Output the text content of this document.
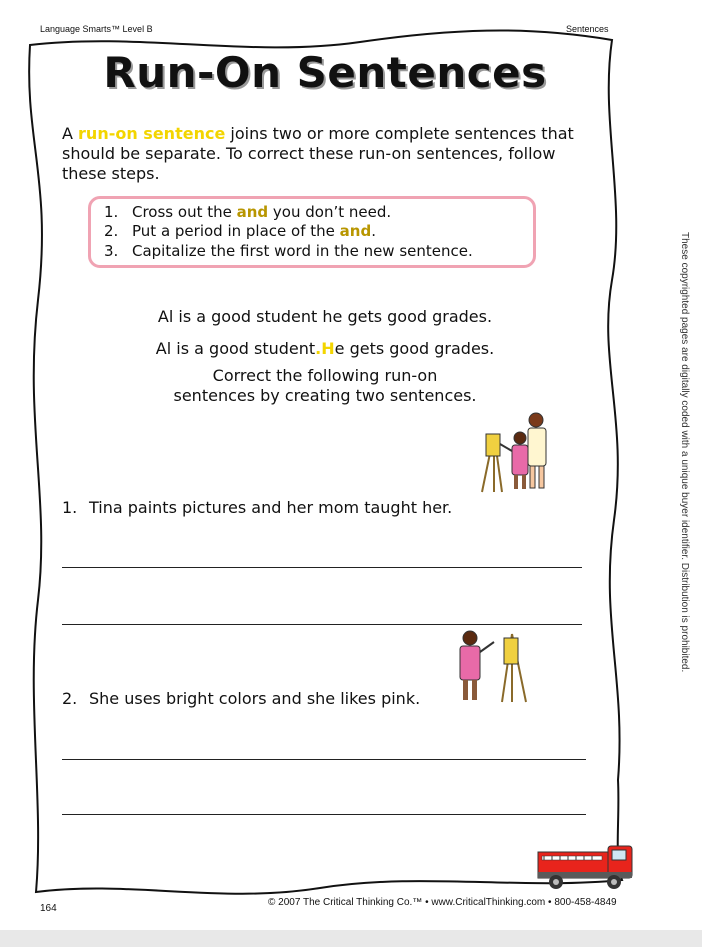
Language Smarts™ Level B	Sentences
Run-On Sentences
A run-on sentence joins two or more complete sentences that
should be separate. To correct these run-on sentences, follow
these steps.
1. Cross out the and you don’t need.
2. Put a period in place of the and.
3. Capitalize the first word in the new sentence.
Al is a good student he gets good grades.
Al is a good student.He gets good grades.
Correct the following run-on
sentences by creating two sentences.
1. Tina paints pictures and her mom taught her.
2. She uses bright colors and she likes pink.
164
© 2007 The Critical Thinking Co.™ • www.CriticalThinking.com • 800-458-4849
These copyrighted pages are digitally coded with a unique buyer identifier. Distribution is prohibited.
